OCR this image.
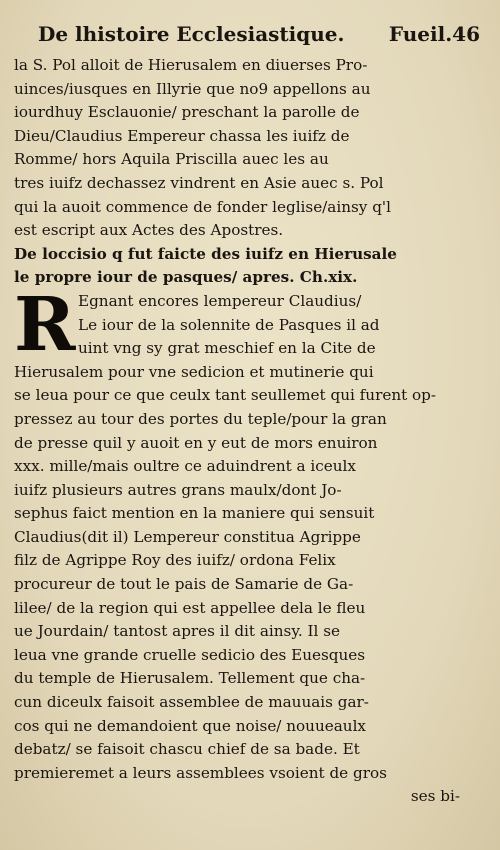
De lhistoire Ecclesiastique. Fueil.46
la S. Pol alloit de Hierusalem en diuerses Pro-
uinces/iusques en Illyrie que no9 appellons au
iourdhuy Esclauonie/ preschant la parolle de
Dieu/Claudius Empereur chassa les iuifz de
Romme/ hors Aquila Priscilla auec les au
tres iuifz dechassez vindrent en Asie auec s. Pol
qui la auoit commence de fonder leglise/ainsy q'l
est escript aux Actes des Apostres.
De loccisio q fut faicte des iuifz en Hierusale
le propre iour de pasques/ apres. Ch.xix.
R Egnant encores lempereur Claudius/
Le iour de la solennite de Pasques il ad
uint vng sy grat meschief en la Cite de
Hierusalem pour vne sedicion et mutinerie qui
se leua pour ce que ceulx tant seullemet qui furent op-
pressez au tour des portes du teple/pour la gran
de presse quil y auoit en y eut de mors enuiron
xxx. mille/mais oultre ce aduindrent a iceulx
iuifz plusieurs autres grans maulx/dont Jo-
sephus faict mention en la maniere qui sensuit
Claudius(dit il) Lempereur constitua Agrippe
filz de Agrippe Roy des iuifz/ ordona Felix
procureur de tout le pais de Samarie de Ga-
lilee/ de la region qui est appellee dela le fleu
ue Jourdain/ tantost apres il dit ainsy. Il se
leua vne grande cruelle sedicio des Euesques
du temple de Hierusalem. Tellement que cha-
cun diceulx faisoit assemblee de mauuais gar-
cos qui ne demandoient que noise/ nouueaulx
debatz/ se faisoit chascu chief de sa bade. Et
premieremet a leurs assemblees vsoient de gros
ses bi-
